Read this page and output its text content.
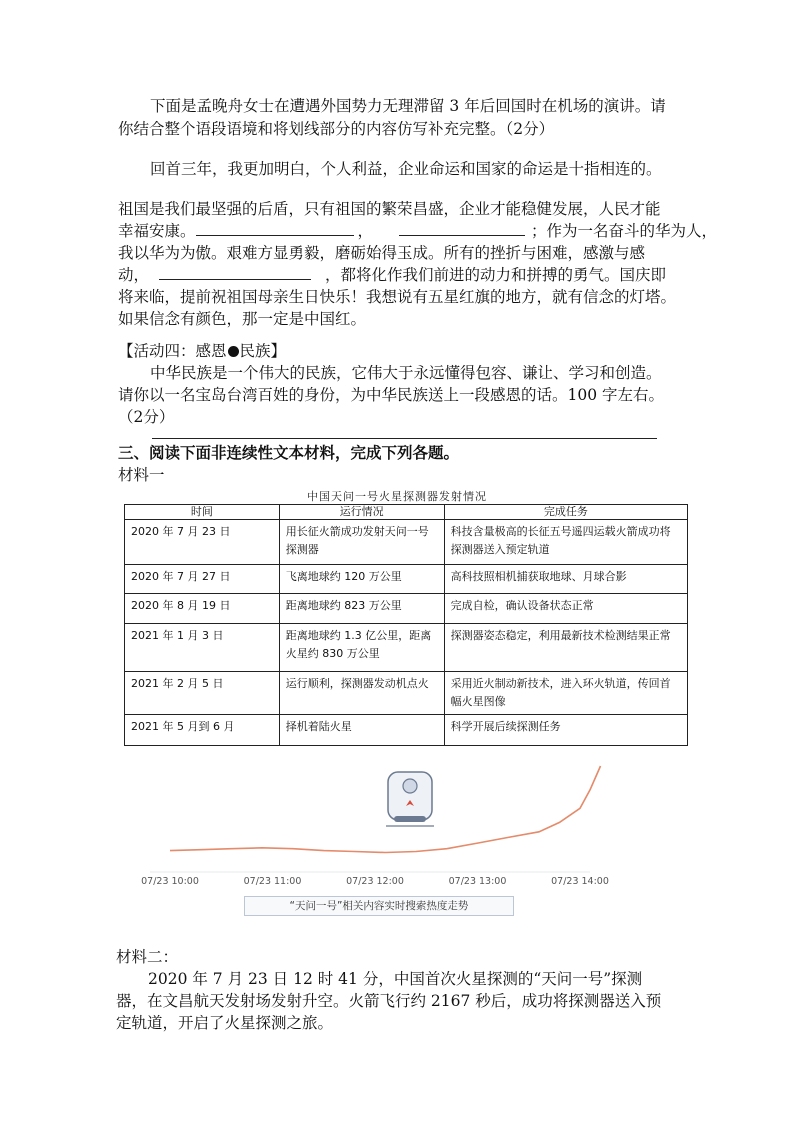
下面是孟晚舟女士在遭遇外国势力无理滞留 3 年后回国时在机场的演讲。请
你结合整个语段语境和将划线部分的内容仿写补充完整。（2分）
回首三年，我更加明白，个人利益，企业命运和国家的命运是十指相连的。
祖国是我们最坚强的后盾，只有祖国的繁荣昌盛，企业才能稳健发展，人民才能
幸福安康。	，	；作为一名奋斗的华为人，
我以华为为傲。艰难方显勇毅，磨砺始得玉成。所有的挫折与困难，感激与感
动，	，都将化作我们前进的动力和拼搏的勇气。国庆即
将来临，提前祝祖国母亲生日快乐！我想说有五星红旗的地方，就有信念的灯塔。
如果信念有颜色，那一定是中国红。
【活动四：感恩 民族】
中华民族是一个伟大的民族，它伟大于永远懂得包容、谦让、学习和创造。
请你以一名宝岛台湾百姓的身份，为中华民族送上一段感恩的话。100 字左右。
（2分）
三、阅读下面非连续性文本材料，完成下列各题。
材料一
中国天问一号火星探测器发射情况
时间	运行情况	完成任务
2020 年 7 月 23 日	用长征火箭成功发射天问一号探测器	科技含量极高的长征五号遥四运载火箭成功将探测器送入预定轨道
2020 年 7 月 27 日	飞离地球约 120 万公里	高科技照相机捕获取地球、月球合影
2020 年 8 月 19 日	距离地球约 823 万公里	完成自检，确认设备状态正常
2021 年 1 月 3 日	距离地球约 1.3 亿公里，距离火星约 830 万公里	探测器姿态稳定，利用最新技术检测结果正常
2021 年 2 月 5 日	运行顺利，探测器发动机点火	采用近火制动新技术，进入环火轨道，传回首幅火星图像
2021 年 5 月到 6 月	择机着陆火星	科学开展后续探测任务
07/23 10:00	07/23 11:00	07/23 12:00	07/23 13:00	07/23 14:00
“天问一号”相关内容实时搜索热度走势
材料二：
2020 年 7 月 23 日 12 时 41 分，中国首次火星探测的“天问一号”探测
器，在文昌航天发射场发射升空。火箭飞行约 2167 秒后，成功将探测器送入预
定轨道，开启了火星探测之旅。
